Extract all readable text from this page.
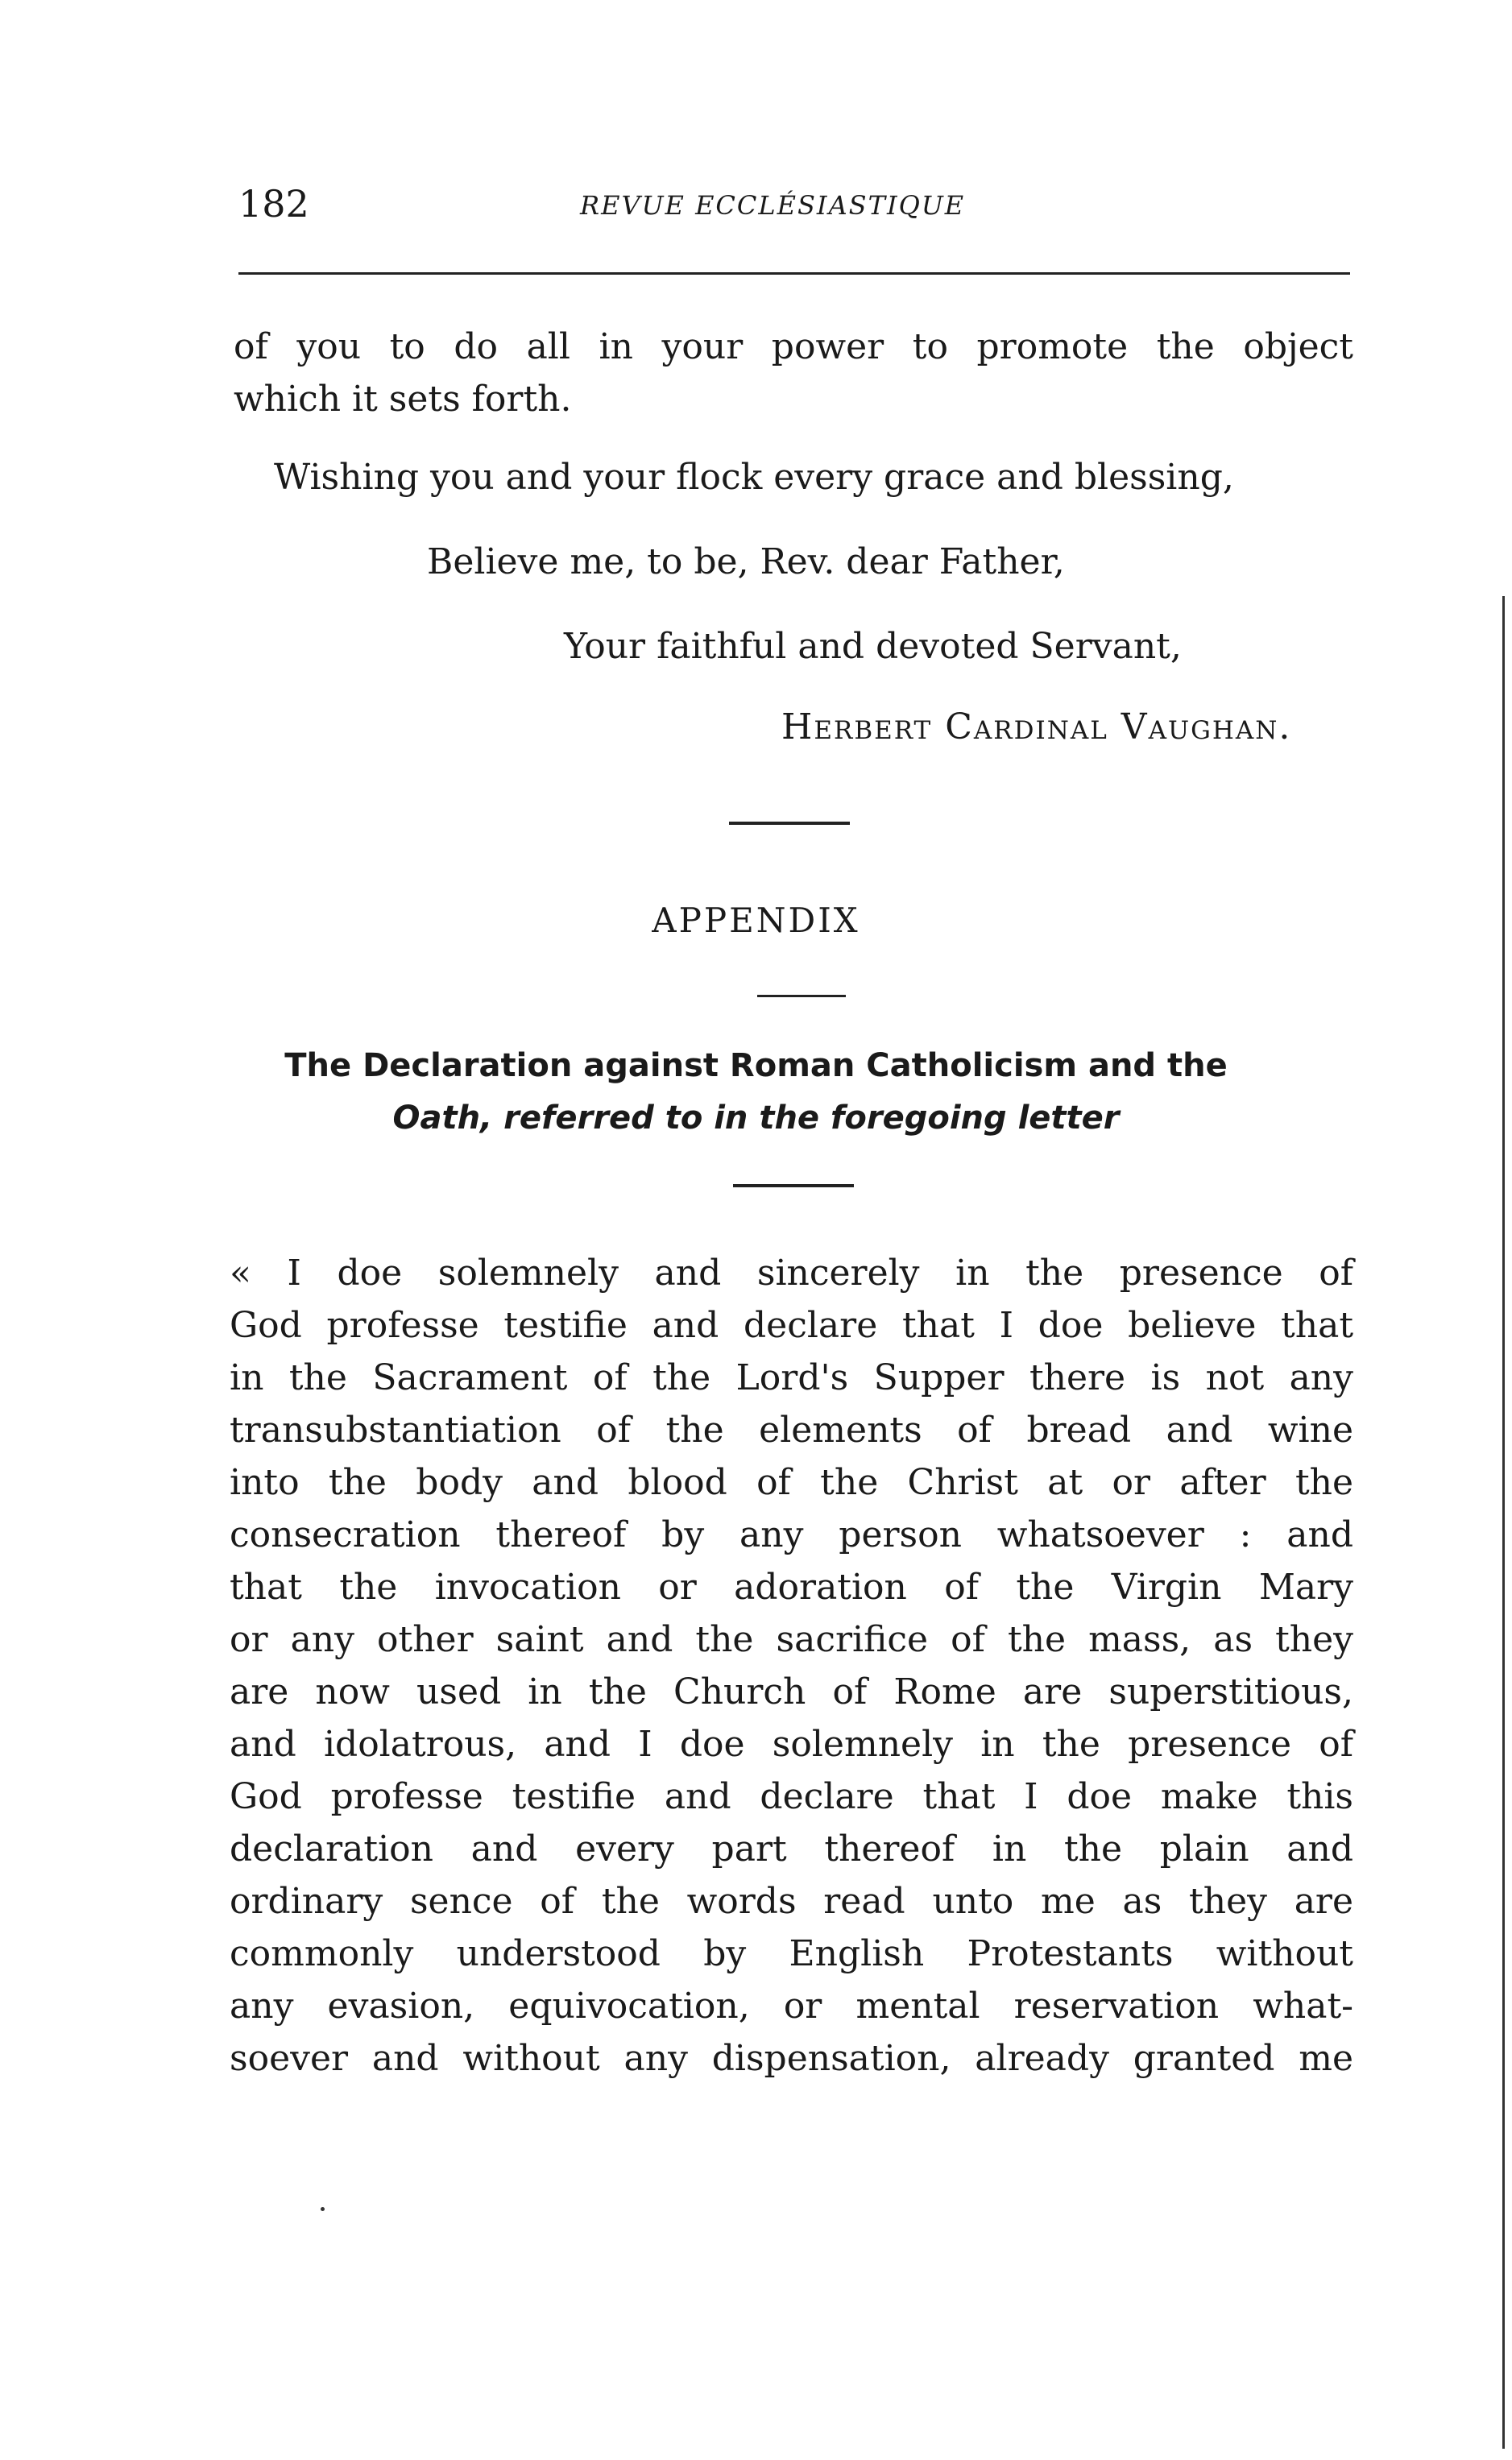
182	REVUE ECCLÉSIASTIQUE
of you to do all in your power to promote the object
which it sets forth.
Wishing you and your flock every grace and blessing,
Believe me, to be, Rev. dear Father,
Your faithful and devoted Servant,
Herbert Cardinal Vaughan.
APPENDIX
The Declaration against Roman Catholicism and the
Oath, referred to in the foregoing letter
« I doe solemnely and sincerely in the presence of
God professe testifie and declare that I doe believe that
in the Sacrament of the Lord's Supper there is not any
transubstantiation of the elements of bread and wine
into the body and blood of the Christ at or after the
consecration thereof by any person whatsoever : and
that the invocation or adoration of the Virgin Mary
or any other saint and the sacrifice of the mass, as they
are now used in the Church of Rome are superstitious,
and idolatrous, and I doe solemnely in the presence of
God professe testifie and declare that I doe make this
declaration and every part thereof in the plain and
ordinary sence of the words read unto me as they are
commonly understood by English Protestants without
any evasion, equivocation, or mental reservation what-
soever and without any dispensation, already granted me
